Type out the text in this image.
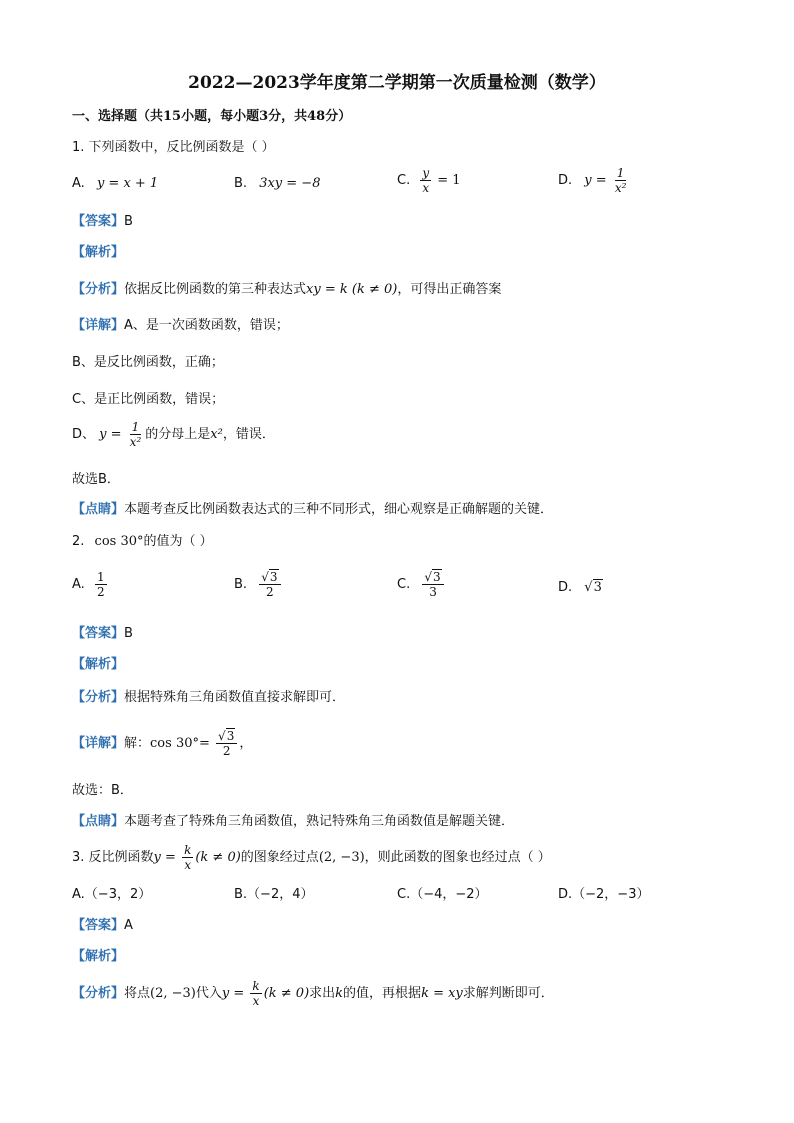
2022—2023学年度第二学期第一次质量检测（数学）
一、选择题（共15小题，每小题3分，共48分）
1. 下列函数中，反比例函数是（ ）
A. y = x + 1	B. 3xy = −8	C. $\frac{y}{x} = 1$	D. $y = \frac{1}{\text{x²}}$
【答案】B
【解析】
【分析】依据反比例函数的第三种表达式xy = k (k ≠ 0)，可得出正确答案
【详解】A、是一次函数函数，错误；
B、是反比例函数，正确；
C、是正比例函数，错误；
D、 $y = \frac{1}{\text{x²}}$ 的分母上是x²，错误．
故选B．
【点睛】本题考查反比例函数表达式的三种不同形式，细心观察是正确解题的关键．
2. cos 30°的值为（ ）
A. $\frac{1}{2}$	B. $\frac{√3}{2}$	C. $\frac{√3}{3}$	D. √3
【答案】B
【解析】
【分析】根据特殊角三角函数值直接求解即可．
【详解】解：$\cos 30^\circ= \frac{√3}{2}$ ，
故选：B．
【点睛】本题考查了特殊角三角函数值，熟记特殊角三角函数值是解题关键．
3. 反比例函数$y = \frac{k}{x} (k \ne 0)$的图象经过点(2, −3)，则此函数的图象也经过点（ ）
A.（−3，2）	B.（−2，4）	C.（−4，−2）	D.（−2，−3）
【答案】A
【解析】
【分析】将点(2, −3)代入$y = \frac{k}{x} (k \ne 0)$求出k的值，再根据k = xy求解判断即可．
